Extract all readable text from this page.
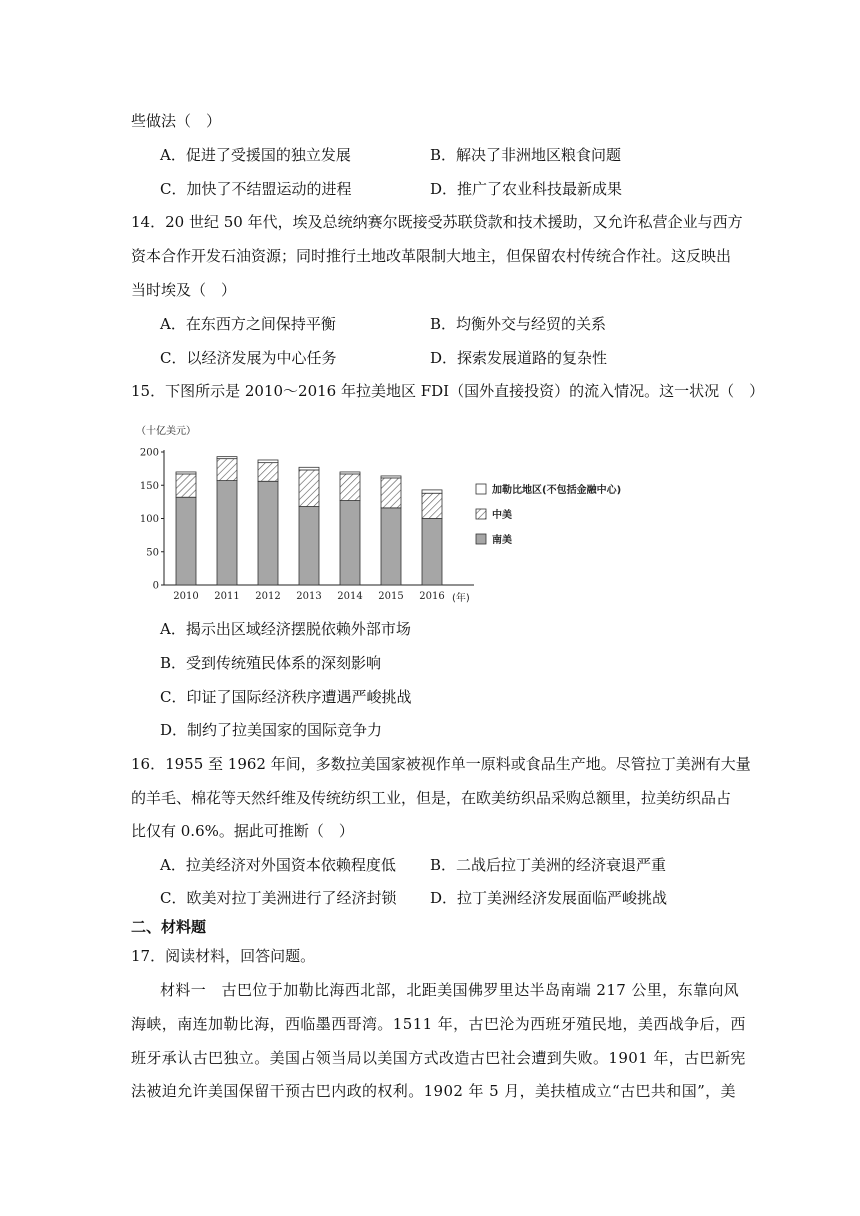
些做法（　）
A．促进了受援国的独立发展	B．解决了非洲地区粮食问题
C．加快了不结盟运动的进程	D．推广了农业科技最新成果
14．20 世纪 50 年代，埃及总统纳赛尔既接受苏联贷款和技术援助，又允许私营企业与西方
资本合作开发石油资源；同时推行土地改革限制大地主，但保留农村传统合作社。这反映出
当时埃及（　）
A．在东西方之间保持平衡	B．均衡外交与经贸的关系
C．以经济发展为中心任务	D．探索发展道路的复杂性
15．下图所示是 2010～2016 年拉美地区 FDI（国外直接投资）的流入情况。这一状况（　）
（十亿美元）
2010 2011 2012 2013 2014 2015 2016
0
50
100
150
200
(年)
加勒比地区(不包括金融中心)
中美
南美
A．揭示出区域经济摆脱依赖外部市场
B．受到传统殖民体系的深刻影响
C．印证了国际经济秩序遭遇严峻挑战
D．制约了拉美国家的国际竞争力
16．1955 至 1962 年间，多数拉美国家被视作单一原料或食品生产地。尽管拉丁美洲有大量
的羊毛、棉花等天然纤维及传统纺织工业，但是，在欧美纺织品采购总额里，拉美纺织品占
比仅有 0.6%。据此可推断（　）
A．拉美经济对外国资本依赖程度低 B．二战后拉丁美洲的经济衰退严重
C．欧美对拉丁美洲进行了经济封锁 D．拉丁美洲经济发展面临严峻挑战
二、材料题
17．阅读材料，回答问题。
材料一　古巴位于加勒比海西北部，北距美国佛罗里达半岛南端 217 公里，东靠向风
海峡，南连加勒比海，西临墨西哥湾。1511 年，古巴沦为西班牙殖民地，美西战争后，西
班牙承认古巴独立。美国占领当局以美国方式改造古巴社会遭到失败。1901 年，古巴新宪
法被迫允许美国保留干预古巴内政的权利。1902 年 5 月，美扶植成立“古巴共和国”，美
